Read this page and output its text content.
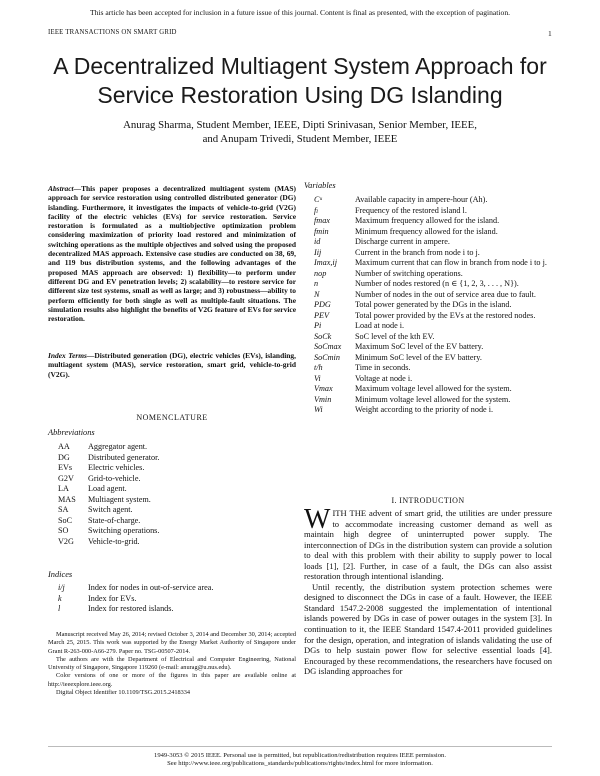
This article has been accepted for inclusion in a future issue of this journal. Content is final as presented, with the exception of pagination.
IEEE TRANSACTIONS ON SMART GRID	1
A Decentralized Multiagent System Approach for Service Restoration Using DG Islanding
Anurag Sharma, Student Member, IEEE, Dipti Srinivasan, Senior Member, IEEE,
and Anupam Trivedi, Student Member, IEEE
Abstract—This paper proposes a decentralized multiagent system (MAS) approach for service restoration using controlled distributed generator (DG) islanding. Furthermore, it investigates the impacts of vehicle-to-grid (V2G) facility of the electric vehicles (EVs) for service restoration. Service restoration is formulated as a multiobjective optimization problem considering maximization of priority load restored and minimization of switching operations as the multiple objectives and solved using the proposed decentralized MAS approach. Extensive case studies are conducted on 38, 69, and 119 bus distribution systems, and the following advantages of the proposed MAS approach are observed: 1) flexibility—to perform under different DG and EV penetration levels; 2) scalability—to restore service for different size test systems, small as well as large; and 3) robustness—ability to perform efficiently for both single as well as multiple-fault situations. The simulation results also highlight the benefits of V2G feature of EVs for service restoration.
Index Terms—Distributed generation (DG), electric vehicles (EVs), islanding, multiagent system (MAS), service restoration, smart grid, vehicle-to-grid (V2G).
NOMENCLATURE
Abbreviations
AA	Aggregator agent.
DG	Distributed generator.
EVs	Electric vehicles.
G2V	Grid-to-vehicle.
LA	Load agent.
MAS	Multiagent system.
SA	Switch agent.
SoC	State-of-charge.
SO	Switching operations.
V2G	Vehicle-to-grid.
Indices
i/j	Index for nodes in out-of-service area.
k	Index for EVs.
l	Index for restored islands.

Manuscript received May 26, 2014; revised October 3, 2014 and December 30, 2014; accepted March 25, 2015. This work was supported by the Energy Market Authority of Singapore under Grant R-263-000-A66-279. Paper no. TSG-00507-2014.

The authors are with the Department of Electrical and Computer Engineering, National University of Singapore, Singapore 119260 (e-mail: anurag@u.nus.edu).

Color versions of one or more of the figures in this paper are available online at http://ieeexplore.ieee.org.

Digital Object Identifier 10.1109/TSG.2015.2418334

Variables
Cᵘ	Available capacity in ampere-hour (Ah).
fₗ	Frequency of the restored island l.
fmax	Maximum frequency allowed for the island.
fmin	Minimum frequency allowed for the island.
id	Discharge current in ampere.
Iij	Current in the branch from node i to j.
Imax,ij	Maximum current that can flow in branch from node i to j.
nop	Number of switching operations.
n	Number of nodes restored (n ∈ {1, 2, 3, . . . , N}).
N	Number of nodes in the out of service area due to fault.
PDG	Total power generated by the DGs in the island.
PEV	Total power provided by the EVs at the restored nodes.
Pi	Load at node i.
SoCk	SoC level of the kth EV.
SoCmax	Maximum SoC level of the EV battery.
SoCmin	Minimum SoC level of the EV battery.
t/h	Time in seconds.
Vi	Voltage at node i.
Vmax	Maximum voltage level allowed for the system.
Vmin	Minimum voltage level allowed for the system.
Wi	Weight according to the priority of node i.
I. INTRODUCTION

WITH THE advent of smart grid, the utilities are under pressure to accommodate increasing customer demand as well as maintain high degree of uninterrupted power supply. The interconnection of DGs in the distribution system can provide a solution to deal with this problem with their ability to supply power to local loads [1], [2]. Further, in case of a fault, the DGs can also assist restoration through intentional islanding.

Until recently, the distribution system protection schemes were designed to disconnect the DGs in case of a fault. However, the IEEE Standard 1547.2-2008 suggested the implementation of intentional islands powered by DGs in case of power outages in the system [3]. In continuation to it, the IEEE Standard 1547.4-2011 provided guidelines for the design, operation, and integration of islands validating the use of DGs to help sustain power flow for selective essential loads [4]. Encouraged by these recommendations, the researchers have focused on DG islanding approaches for

1949-3053 © 2015 IEEE. Personal use is permitted, but republication/redistribution requires IEEE permission.
See http://www.ieee.org/publications_standards/publications/rights/index.html for more information.
